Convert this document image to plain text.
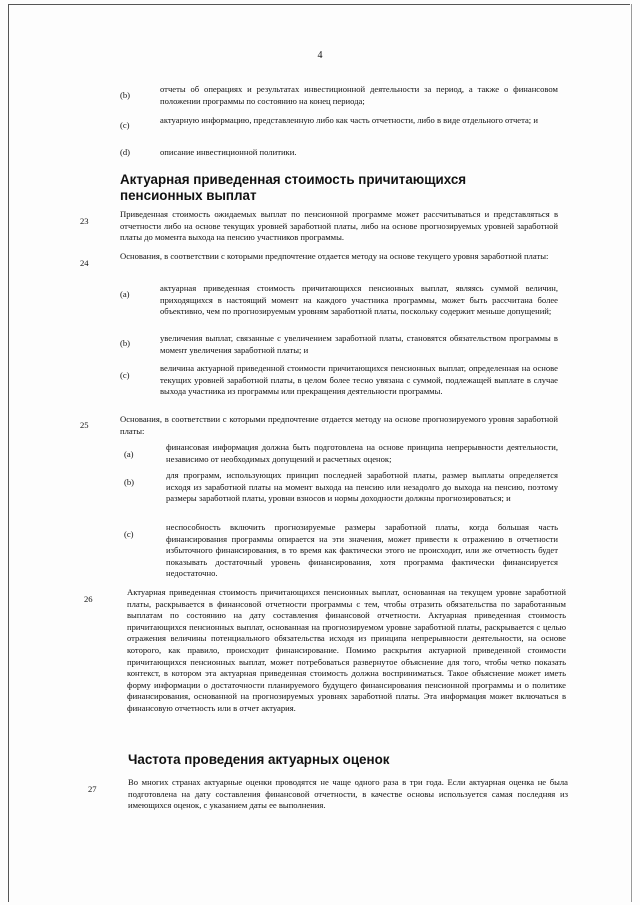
4
(b)
отчеты об операциях и результатах инвестиционной деятельности за период, а также о финансовом положении программы по состоянию на конец периода;
(c)	актуарную информацию, представленную либо как часть отчетности, либо в виде отдельного отчета; и
(d)	описание инвестиционной политики.
Актуарная приведенная стоимость причитающихся пенсионных выплат
23
Приведенная стоимость ожидаемых выплат по пенсионной программе может рассчитываться и представляться в отчетности либо на основе текущих уровней заработной платы, либо на основе прогнозируемых уровней заработной платы до момента выхода на пенсию участников программы.
24
Основания, в соответствии с которыми предпочтение отдается методу на основе текущего уровня заработной платы:
(a)
актуарная приведенная стоимость причитающихся пенсионных выплат, являясь суммой величин, приходящихся в настоящий момент на каждого участника программы, может быть рассчитана более объективно, чем по прогнозируемым уровням заработной платы, поскольку содержит меньше допущений;
(b)	увеличения выплат, связанные с увеличением заработной платы, становятся обязательством программы в момент увеличения заработной платы; и
(c)
величина актуарной приведенной стоимости причитающихся пенсионных выплат, определенная на основе текущих уровней заработной платы, в целом более тесно увязана с суммой, подлежащей выплате в случае выхода участника из программы или прекращения деятельности программы.
25
Основания, в соответствии с которыми предпочтение отдается методу на основе прогнозируемого уровня заработной платы:
(a)
финансовая информация должна быть подготовлена на основе принципа непрерывности деятельности, независимо от необходимых допущений и расчетных оценок;
(b)
для программ, использующих принцип последней заработной платы, размер выплаты определяется исходя из заработной платы на момент выхода на пенсию или незадолго до выхода на пенсию, поэтому размеры заработной платы, уровни взносов и нормы доходности должны прогнозироваться; и
(c)
неспособность включить прогнозируемые размеры заработной платы, когда большая часть финансирования программы опирается на эти значения, может привести к отражению в отчетности избыточного финансирования, в то время как фактически этого не происходит, или же отчетность будет показывать достаточный уровень финансирования, хотя программа фактически финансируется недостаточно.
26
Актуарная приведенная стоимость причитающихся пенсионных выплат, основанная на текущем уровне заработной платы, раскрывается в финансовой отчетности программы с тем, чтобы отразить обязательства по заработанным выплатам по состоянию на дату составления финансовой отчетности. Актуарная приведенная стоимость причитающихся пенсионных выплат, основанная на прогнозируемом уровне заработной платы, раскрывается с целью отражения величины потенциального обязательства исходя из принципа непрерывности деятельности, на основе которого, как правило, происходит финансирование. Помимо раскрытия актуарной приведенной стоимости причитающихся пенсионных выплат, может потребоваться развернутое объяснение для того, чтобы четко показать контекст, в котором эта актуарная приведенная стоимость должна восприниматься. Такое объяснение может иметь форму информации о достаточности планируемого будущего финансирования пенсионной программы и о политике финансирования, основанной на прогнозируемых уровнях заработной платы. Эта информация может включаться в финансовую отчетность или в отчет актуария.
Частота проведения актуарных оценок
27
Во многих странах актуарные оценки проводятся не чаще одного раза в три года. Если актуарная оценка не была подготовлена на дату составления финансовой отчетности, в качестве основы используется самая последняя из имеющихся оценок, с указанием даты ее выполнения.
